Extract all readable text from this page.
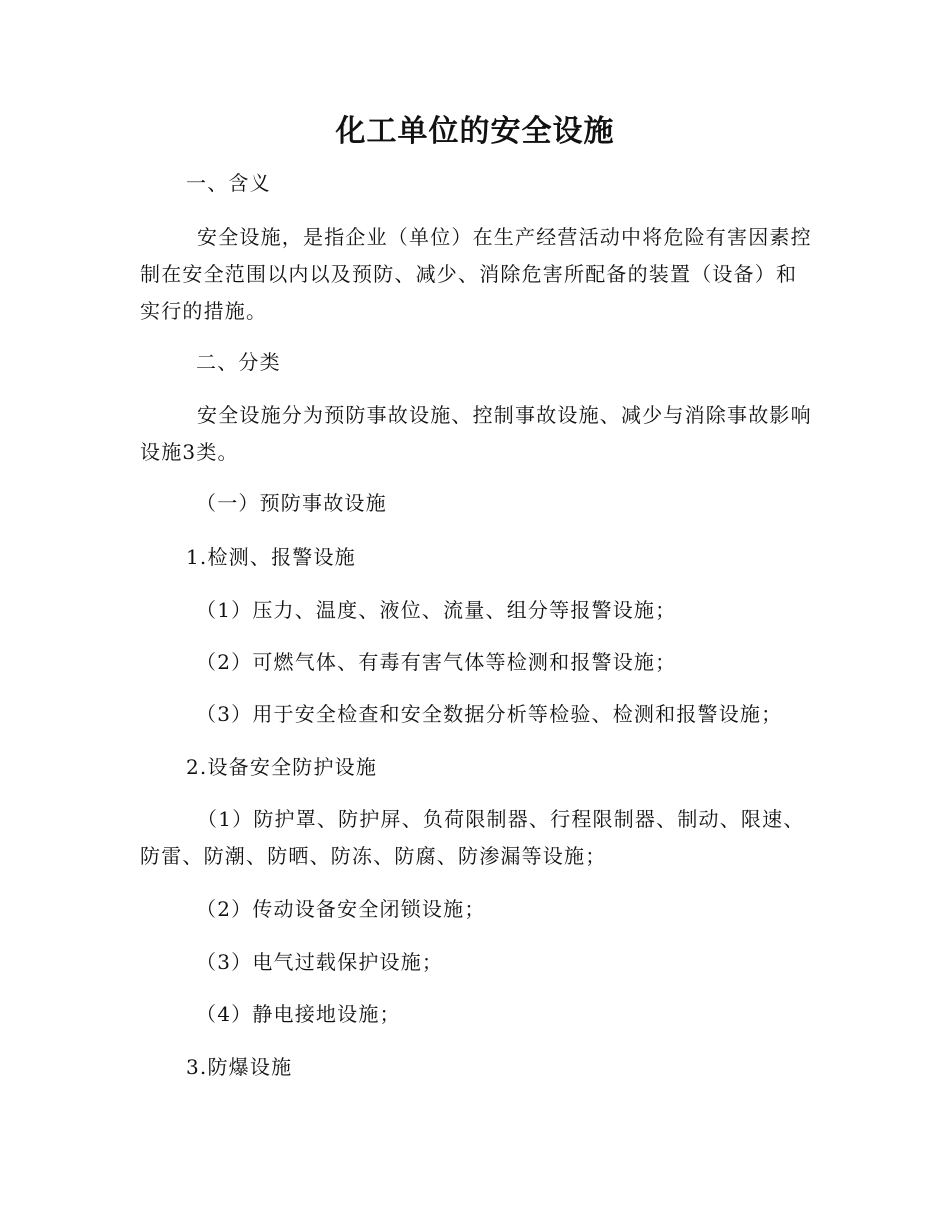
化工单位的安全设施
一、含义
安全设施，是指企业（单位）在生产经营活动中将危险有害因素控制在安全范围以内以及预防、减少、消除危害所配备的装置（设备）和实行的措施。
二、分类
安全设施分为预防事故设施、控制事故设施、减少与消除事故影响设施3类。
（一）预防事故设施
1.检测、报警设施
（1）压力、温度、液位、流量、组分等报警设施；
（2）可燃气体、有毒有害气体等检测和报警设施；
（3）用于安全检查和安全数据分析等检验、检测和报警设施；
2.设备安全防护设施
（1）防护罩、防护屏、负荷限制器、行程限制器、制动、限速、防雷、防潮、防晒、防冻、防腐、防渗漏等设施；
（2）传动设备安全闭锁设施；
（3）电气过载保护设施；
（4）静电接地设施；
3.防爆设施
